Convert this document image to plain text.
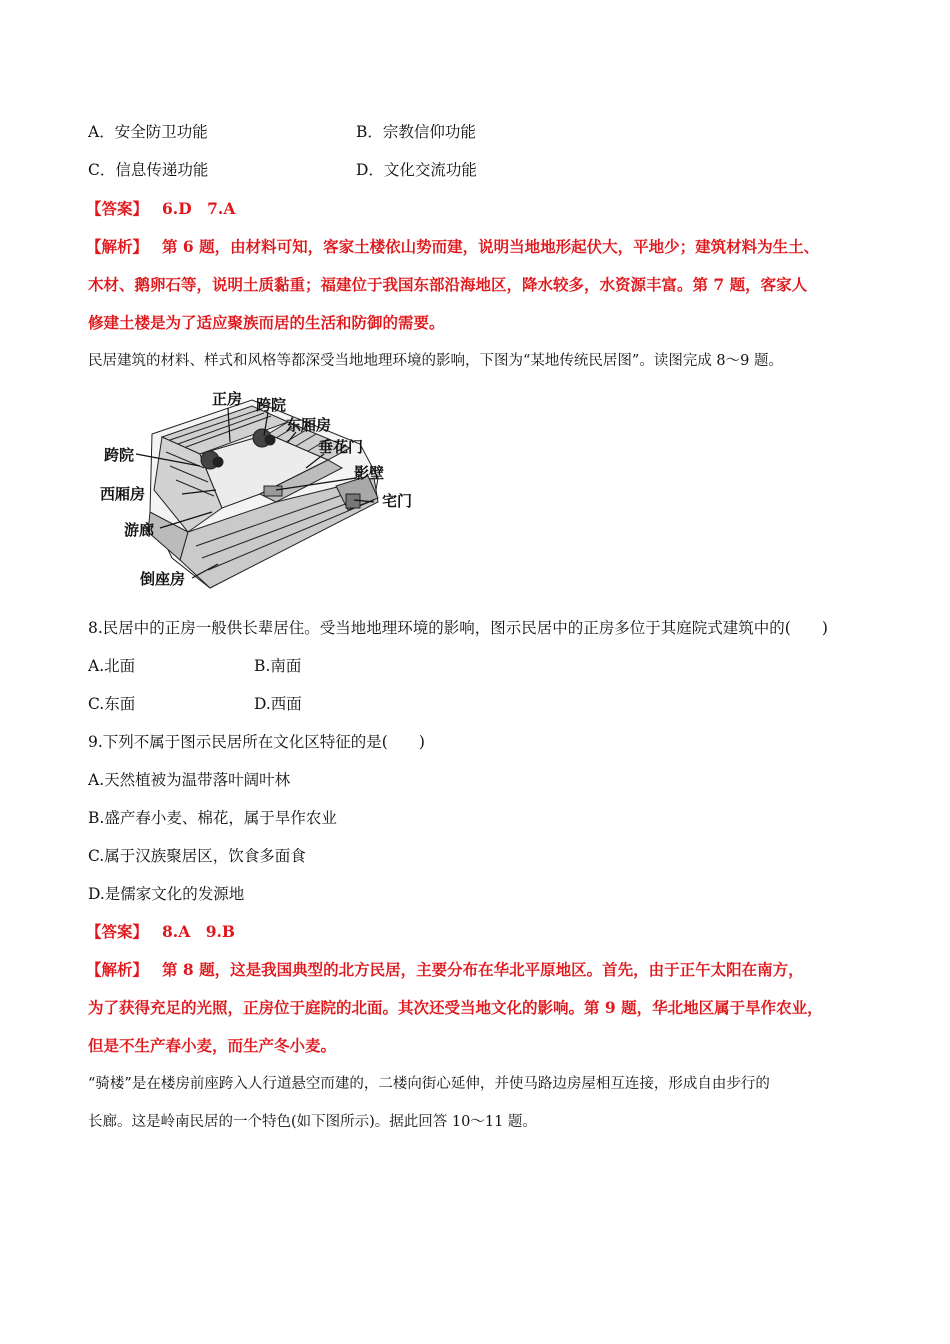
A．安全防卫功能	B．宗教信仰功能
C．信息传递功能	D．文化交流功能
【答案】 6.D　7.A
【解析】 第 6 题，由材料可知，客家土楼依山势而建，说明当地地形起伏大，平地少；建筑材料为生土、
木材、鹅卵石等，说明土质黏重；福建位于我国东部沿海地区，降水较多，水资源丰富。第 7 题，客家人
修建土楼是为了适应聚族而居的生活和防御的需要。
民居建筑的材料、样式和风格等都深受当地地理环境的影响，下图为“某地传统民居图”。读图完成 8～9 题。
正房 跨院
东厢房
垂花门
跨院
影壁
西厢房	宅门
游廊
倒座房
8.民居中的正房一般供长辈居住。受当地地理环境的影响，图示民居中的正房多位于其庭院式建筑中的(　　)
A.北面	B.南面
C.东面	D.西面
9.下列不属于图示民居所在文化区特征的是(　　)
A.天然植被为温带落叶阔叶林
B.盛产春小麦、棉花，属于旱作农业
C.属于汉族聚居区，饮食多面食
D.是儒家文化的发源地
【答案】 8.A　9.B
【解析】 第 8 题，这是我国典型的北方民居，主要分布在华北平原地区。首先，由于正午太阳在南方，
为了获得充足的光照，正房位于庭院的北面。其次还受当地文化的影响。第 9 题，华北地区属于旱作农业，
但是不生产春小麦，而生产冬小麦。
“骑楼”是在楼房前座跨入人行道悬空而建的，二楼向街心延伸，并使马路边房屋相互连接，形成自由步行的
长廊。这是岭南民居的一个特色(如下图所示)。据此回答 10～11 题。
